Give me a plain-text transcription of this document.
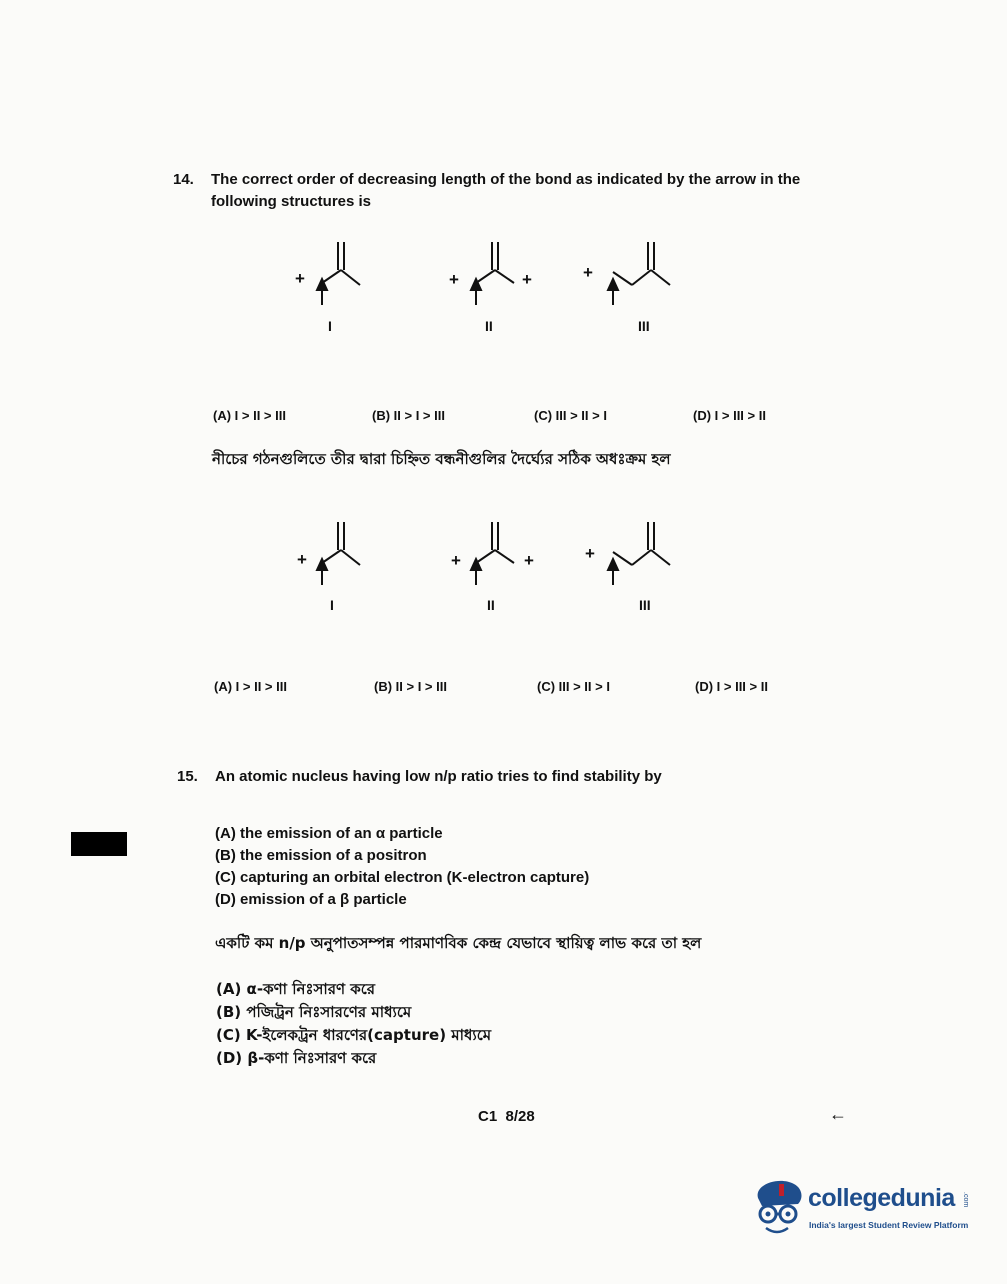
14. The correct order of decreasing length of the bond as indicated by the arrow in the
following structures is
+	+	+	+
I	II	III
(A) I > II > III	(B) II > I > III	(C) III > II > I	(D) I > III > II
নীচের গঠনগুলিতে তীর দ্বারা চিহ্নিত বন্ধনীগুলির দৈর্ঘ্যের সঠিক অধঃক্রম হল
+	+	+	+
I	II	III
(A) I > II > III	(B) II > I > III	(C) III > II > I	(D) I > III > II
15. An atomic nucleus having low n/p ratio tries to find stability by
(A) the emission of an α particle
(B) the emission of a positron
(C) capturing an orbital electron (K-electron capture)
(D) emission of a β particle
একটি কম n/p অনুপাতসম্পন্ন পারমাণবিক কেন্দ্র যেভাবে স্থায়িত্ব লাভ করে তা হল
(A) α-কণা নিঃসারণ করে
(B) পজিট্রন নিঃসারণের মাধ্যমে
(C) K-ইলেকট্রন ধারণের(capture) মাধ্যমে
(D) β-কণা নিঃসারণ করে
C1  8/28	←
collegedunia .com
India's largest Student Review Platform
